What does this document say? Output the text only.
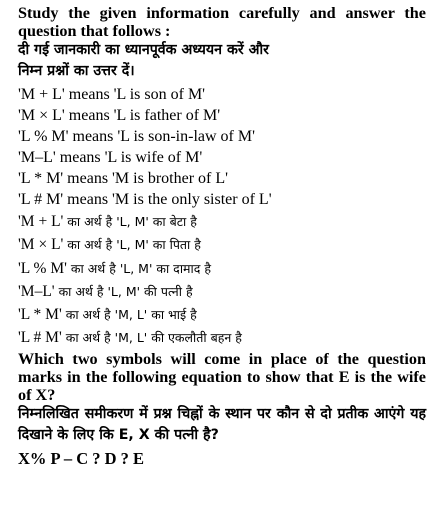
Study the given information carefully and answer the question that follows :

दी गई जानकारी का ध्यानपूर्वक अध्ययन करें और

निम्न प्रश्नों का उत्तर दें।

'M + L' means 'L is son of M'
'M × L' means 'L is father of M'
'L % M' means 'L is son-in-law of M'
'M–L' means 'L is wife of M'
'L * M' means 'M is brother of L'
'L # M' means 'M is the only sister of L'
'M + L' का अर्थ है 'L, M' का बेटा है
'M × L' का अर्थ है 'L, M' का पिता है
'L % M' का अर्थ है 'L, M' का दामाद है
'M–L' का अर्थ है 'L, M' की पत्नी है
'L * M' का अर्थ है 'M, L' का भाई है
'L # M' का अर्थ है 'M, L' की एकलौती बहन है

Which two symbols will come in place of the question marks in the following equation to show that E is the wife of X?

निम्नलिखित समीकरण में प्रश्न चिह्नों के स्थान पर कौन से दो प्रतीक आएंगे यह दिखाने के लिए कि E, X की पत्नी है?

X% P – C ? D ? E
